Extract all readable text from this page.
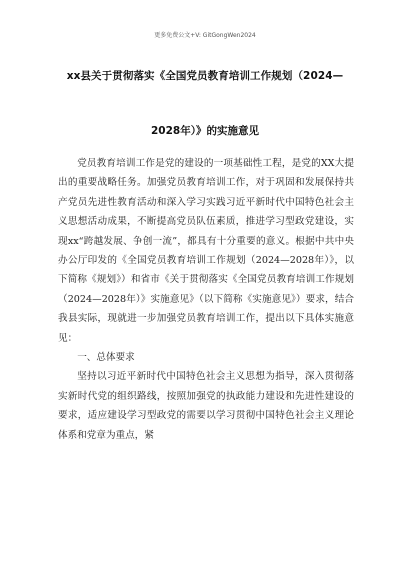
更多免费公文+V: GitGongWen2024
xx县关于贯彻落实《全国党员教育培训工作规划（2024—
2028年）》的实施意见

党员教育培训工作是党的建设的一项基础性工程，是党的XX大提出的重要战略任务。加强党员教育培训工作，对于巩固和发展保持共产党员先进性教育活动和深入学习实践习近平新时代中国特色社会主义思想活动成果，不断提高党员队伍素质，推进学习型政党建设，实现xx“跨越发展、争创一流”，都具有十分重要的意义。根据中共中央办公厅印发的《全国党员教育培训工作规划（2024—2028年）》，以下简称《规划》）和省市《关于贯彻落实《全国党员教育培训工作规划（2024—2028年）》实施意见》（以下简称《实施意见》）要求，结合我县实际，现就进一步加强党员教育培训工作，提出以下具体实施意见：

一、总体要求

坚持以习近平新时代中国特色社会主义思想为指导，深入贯彻落实新时代党的组织路线，按照加强党的执政能力建设和先进性建设的要求，适应建设学习型政党的需要以学习贯彻中国特色社会主义理论体系和党章为重点，紧
